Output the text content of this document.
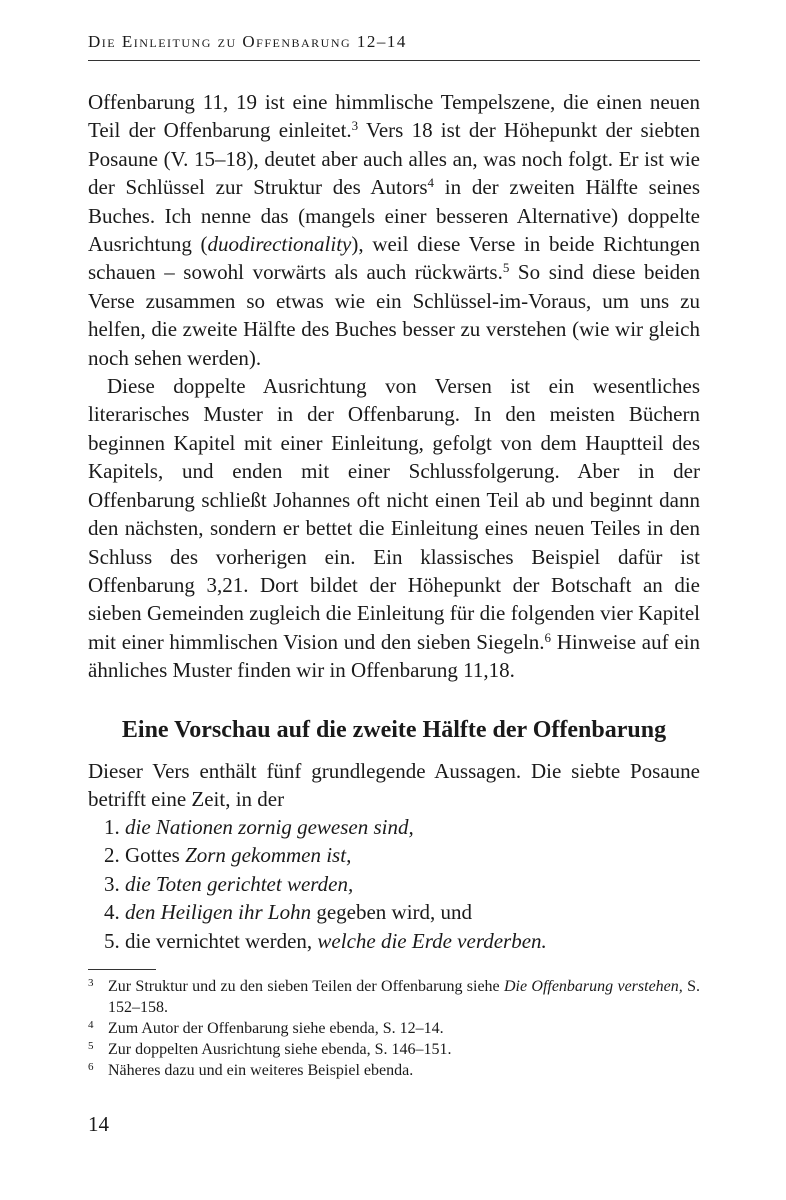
Die Einleitung zu Offenbarung 12–14

Offenbarung 11, 19 ist eine himmlische Tempelszene, die einen neuen Teil der Offenbarung einleitet.$^3$ Vers 18 ist der Höhepunkt der siebten Posaune (V. 15–18), deutet aber auch alles an, was noch folgt. Er ist wie der Schlüssel zur Struktur des Autors$^4$ in der zweiten Hälfte seines Buches. Ich nenne das (mangels einer besseren Alternative) doppelte Ausrichtung (duodirectionality), weil diese Verse in beide Richtungen schauen – sowohl vorwärts als auch rückwärts.$^5$ So sind diese beiden Verse zusammen so etwas wie ein Schlüssel-im-Voraus, um uns zu helfen, die zweite Hälfte des Buches besser zu verstehen (wie wir gleich noch sehen werden).

Diese doppelte Ausrichtung von Versen ist ein wesentliches literarisches Muster in der Offenbarung. In den meisten Büchern beginnen Kapitel mit einer Einleitung, gefolgt von dem Hauptteil des Kapitels, und enden mit einer Schlussfolgerung. Aber in der Offenbarung schließt Johannes oft nicht einen Teil ab und beginnt dann den nächsten, sondern er bettet die Einleitung eines neuen Teiles in den Schluss des vorherigen ein. Ein klassisches Beispiel dafür ist Offenbarung 3,21. Dort bildet der Höhepunkt der Botschaft an die sieben Gemeinden zugleich die Einleitung für die folgenden vier Kapitel mit einer himmlischen Vision und den sieben Siegeln.$^6$ Hinweise auf ein ähnliches Muster finden wir in Offenbarung 11,18.

Eine Vorschau auf die zweite Hälfte der Offenbarung

Dieser Vers enthält fünf grundlegende Aussagen. Die siebte Posaune betrifft eine Zeit, in der

1. die Nationen zornig gewesen sind,
2. Gottes Zorn gekommen ist,
3. die Toten gerichtet werden,
4. den Heiligen ihr Lohn gegeben wird, und
5. die vernichtet werden, welche die Erde verderben.
3 Zur Struktur und zu den sieben Teilen der Offenbarung siehe Die Offenbarung verstehen, S. 152–158.
4 Zum Autor der Offenbarung siehe ebenda, S. 12–14.
5 Zur doppelten Ausrichtung siehe ebenda, S. 146–151.
6 Näheres dazu und ein weiteres Beispiel ebenda.
14
